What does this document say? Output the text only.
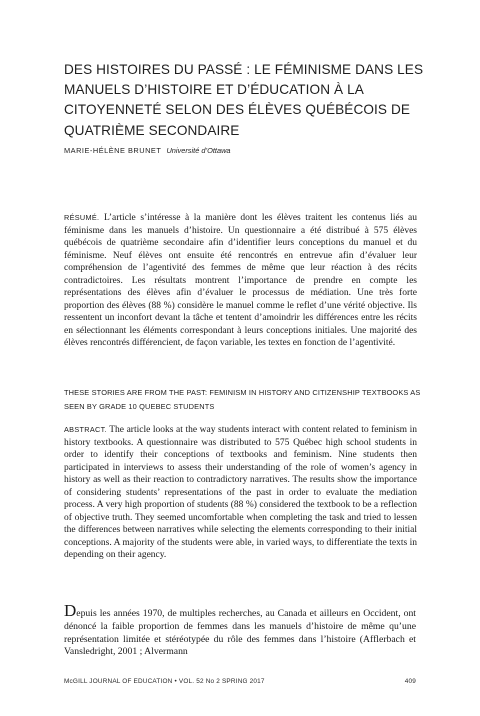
DES HISTOIRES DU PASSÉ : LE FÉMINISME DANS LES MANUELS D’HISTOIRE ET D’ÉDUCATION À LA CITOYENNETÉ SELON DES ÉLÈVES QUÉBÉCOIS DE QUATRIÈME SECONDAIRE
MARIE-HÉLÈNE BRUNET Université d’Ottawa

RÉSUMÉ. L’article s’intéresse à la manière dont les élèves traitent les contenus liés au féminisme dans les manuels d’histoire. Un questionnaire a été distribué à 575 élèves québécois de quatrième secondaire afin d’identifier leurs conceptions du manuel et du féminisme. Neuf élèves ont ensuite été rencontrés en entrevue afin d’évaluer leur compréhension de l’agentivité des femmes de même que leur réaction à des récits contradictoires. Les résultats montrent l’importance de prendre en compte les représentations des élèves afin d’évaluer le processus de médiation. Une très forte proportion des élèves (88 %) considère le manuel comme le reflet d’une vérité objective. Ils ressentent un inconfort devant la tâche et tentent d’amoindrir les différences entre les récits en sélectionnant les éléments correspondant à leurs conceptions initiales. Une majorité des élèves rencontrés différencient, de façon variable, les textes en fonction de l’agentivité.

THESE STORIES ARE FROM THE PAST: FEMINISM IN HISTORY AND CITIZENSHIP TEXTBOOKS AS SEEN BY GRADE 10 QUEBEC STUDENTS

ABSTRACT. The article looks at the way students interact with content related to feminism in history textbooks. A questionnaire was distributed to 575 Québec high school students in order to identify their conceptions of textbooks and feminism. Nine students then participated in interviews to assess their understanding of the role of women’s agency in history as well as their reaction to contradictory narratives. The results show the importance of considering students’ representations of the past in order to evaluate the mediation process. A very high proportion of students (88 %) considered the textbook to be a reflection of objective truth. They seemed uncomfortable when completing the task and tried to lessen the differences between narratives while selecting the elements corresponding to their initial conceptions. A majority of the students were able, in varied ways, to differentiate the texts in depending on their agency.

Depuis les années 1970, de multiples recherches, au Canada et ailleurs en Occident, ont dénoncé la faible proportion de femmes dans les manuels d’histoire de même qu’une représentation limitée et stéréotypée du rôle des femmes dans l’histoire (Afflerbach et Vansledright, 2001 ; Alvermann

McGILL JOURNAL OF EDUCATION • VOL. 52 No 2 SPRING 2017	409
